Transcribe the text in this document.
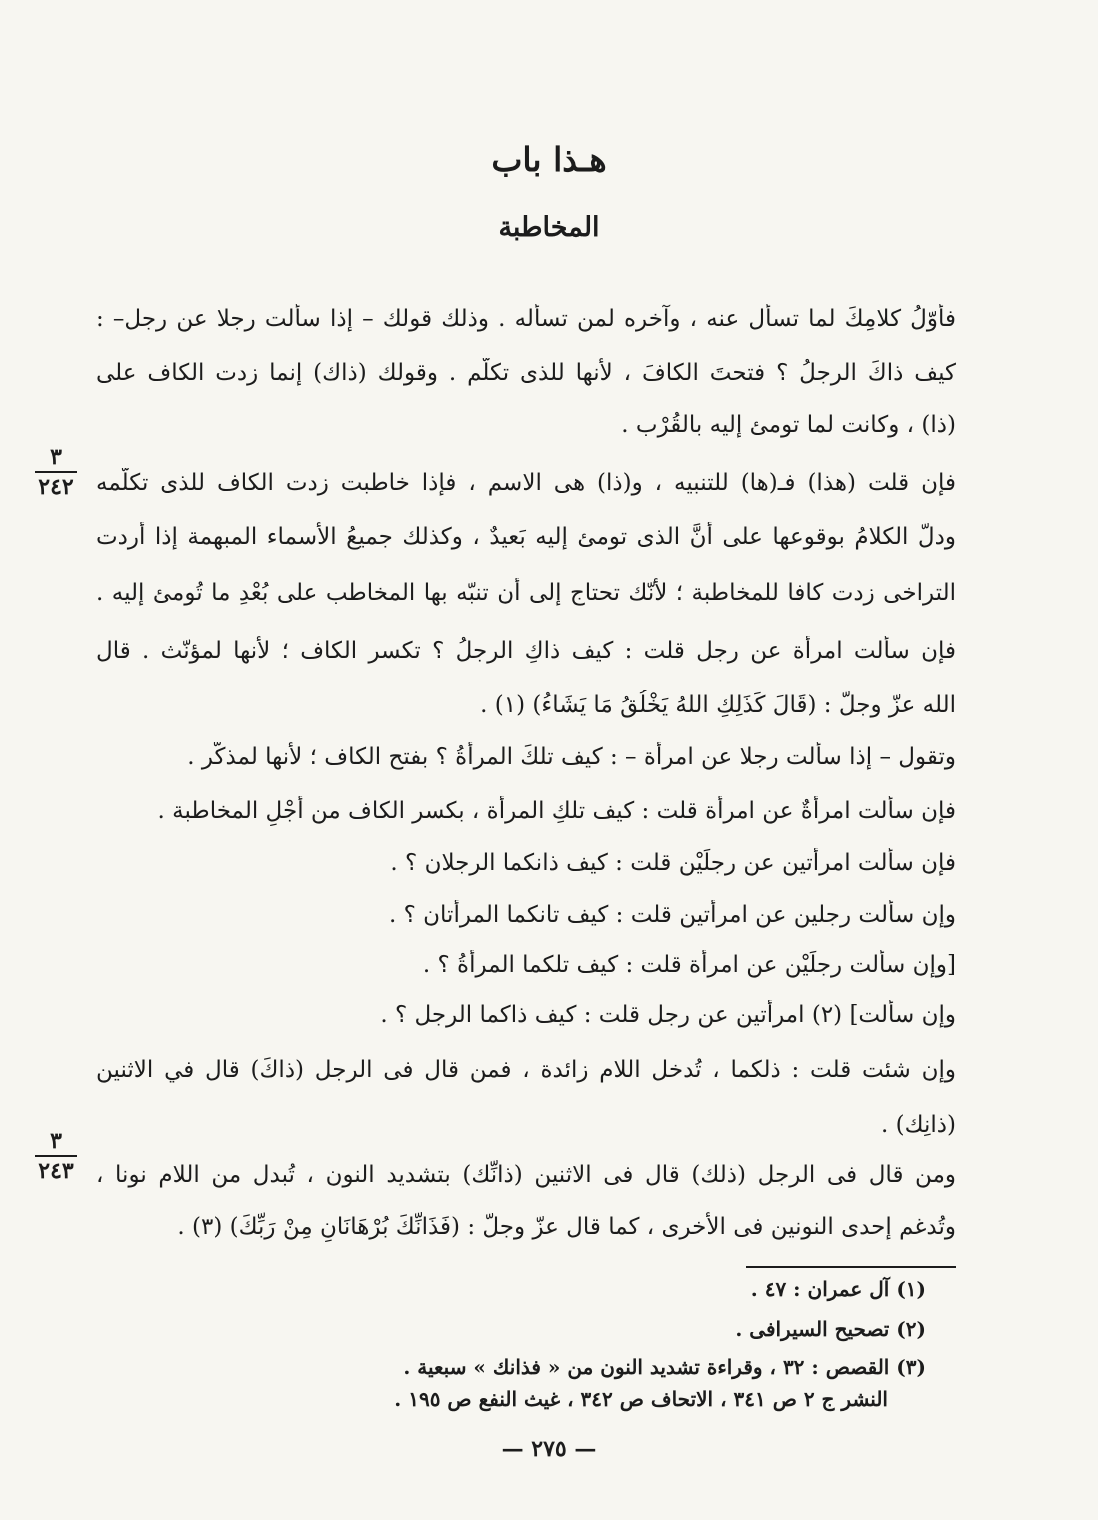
هـذا باب
المخاطبة
فأوّلُ كلامِكَ لما تسأل عنه ، وآخره لمن تسأله . وذلك قولك – إذا سألت رجلا عن رجل– :
كيف ذاكَ الرجلُ ؟ فتحتَ الكافَ ، لأنها للذى تكلّم . وقولك (ذاك) إنما زدت الكاف على
(ذا) ، وكانت لما تومئ إليه بالقُرْب .
فإن قلت (هذا) فـ(ها) للتنبيه ، و(ذا) هى الاسم ، فإذا خاطبت زدت الكاف للذى تكلّمه
ودلّ الكلامُ بوقوعها على أنَّ الذى تومئ إليه بَعيدٌ ، وكذلك جميعُ الأسماء المبهمة إذا أردت
التراخى زدت كافا للمخاطبة ؛ لأنّك تحتاج إلى أن تنبّه بها المخاطب على بُعْدِ ما تُومئ إليه .
فإن سألت امرأة عن رجل قلت : كيف ذاكِ الرجلُ ؟ تكسر الكاف ؛ لأنها لمؤنّث . قال
الله عزّ وجلّ : (قَالَ كَذَلِكِ اللهُ يَخْلُقُ مَا يَشَاءُ) (١) .
وتقول – إذا سألت رجلا عن امرأة – : كيف تلكَ المرأةُ ؟ بفتح الكاف ؛ لأنها لمذكّر .
فإن سألت امرأةٌ عن امرأة قلت : كيف تلكِ المرأة ، بكسر الكاف من أجْلِ المخاطبة .
فإن سألت امرأتين عن رجلَيْن قلت : كيف ذانكما الرجلان ؟ .
وإن سألت رجلين عن امرأتين قلت : كيف تانكما المرأتان ؟ .
[وإن سألت رجلَيْن عن امرأة قلت : كيف تلكما المرأةُ ؟ .
وإن سألت] (٢) امرأتين عن رجل قلت : كيف ذاكما الرجل ؟ .
وإن شئت قلت : ذلكما ، تُدخل اللام زائدة ، فمن قال فى الرجل (ذاكَ) قال في الاثنين
(ذانِك) .
ومن قال فى الرجل (ذلك) قال فى الاثنين (ذانِّك) بتشديد النون ، تُبدل من اللام نونا ،
وتُدغم إحدى النونين فى الأخرى ، كما قال عزّ وجلّ : (فَذَانِّكَ بُرْهَانَانِ مِنْ رَبِّكَ) (٣) .
٣
٢٤٢
٣
٢٤٣
(١) آل عمران : ٤٧ .
(٢) تصحيح السيرافى .
(٣) القصص : ٣٢ ، وقراءة تشديد النون من « فذانك » سبعية .
النشر ج ٢ ص ٣٤١ ، الاتحاف ص ٣٤٢ ، غيث النفع ص ١٩٥ .
— ٢٧٥ —
